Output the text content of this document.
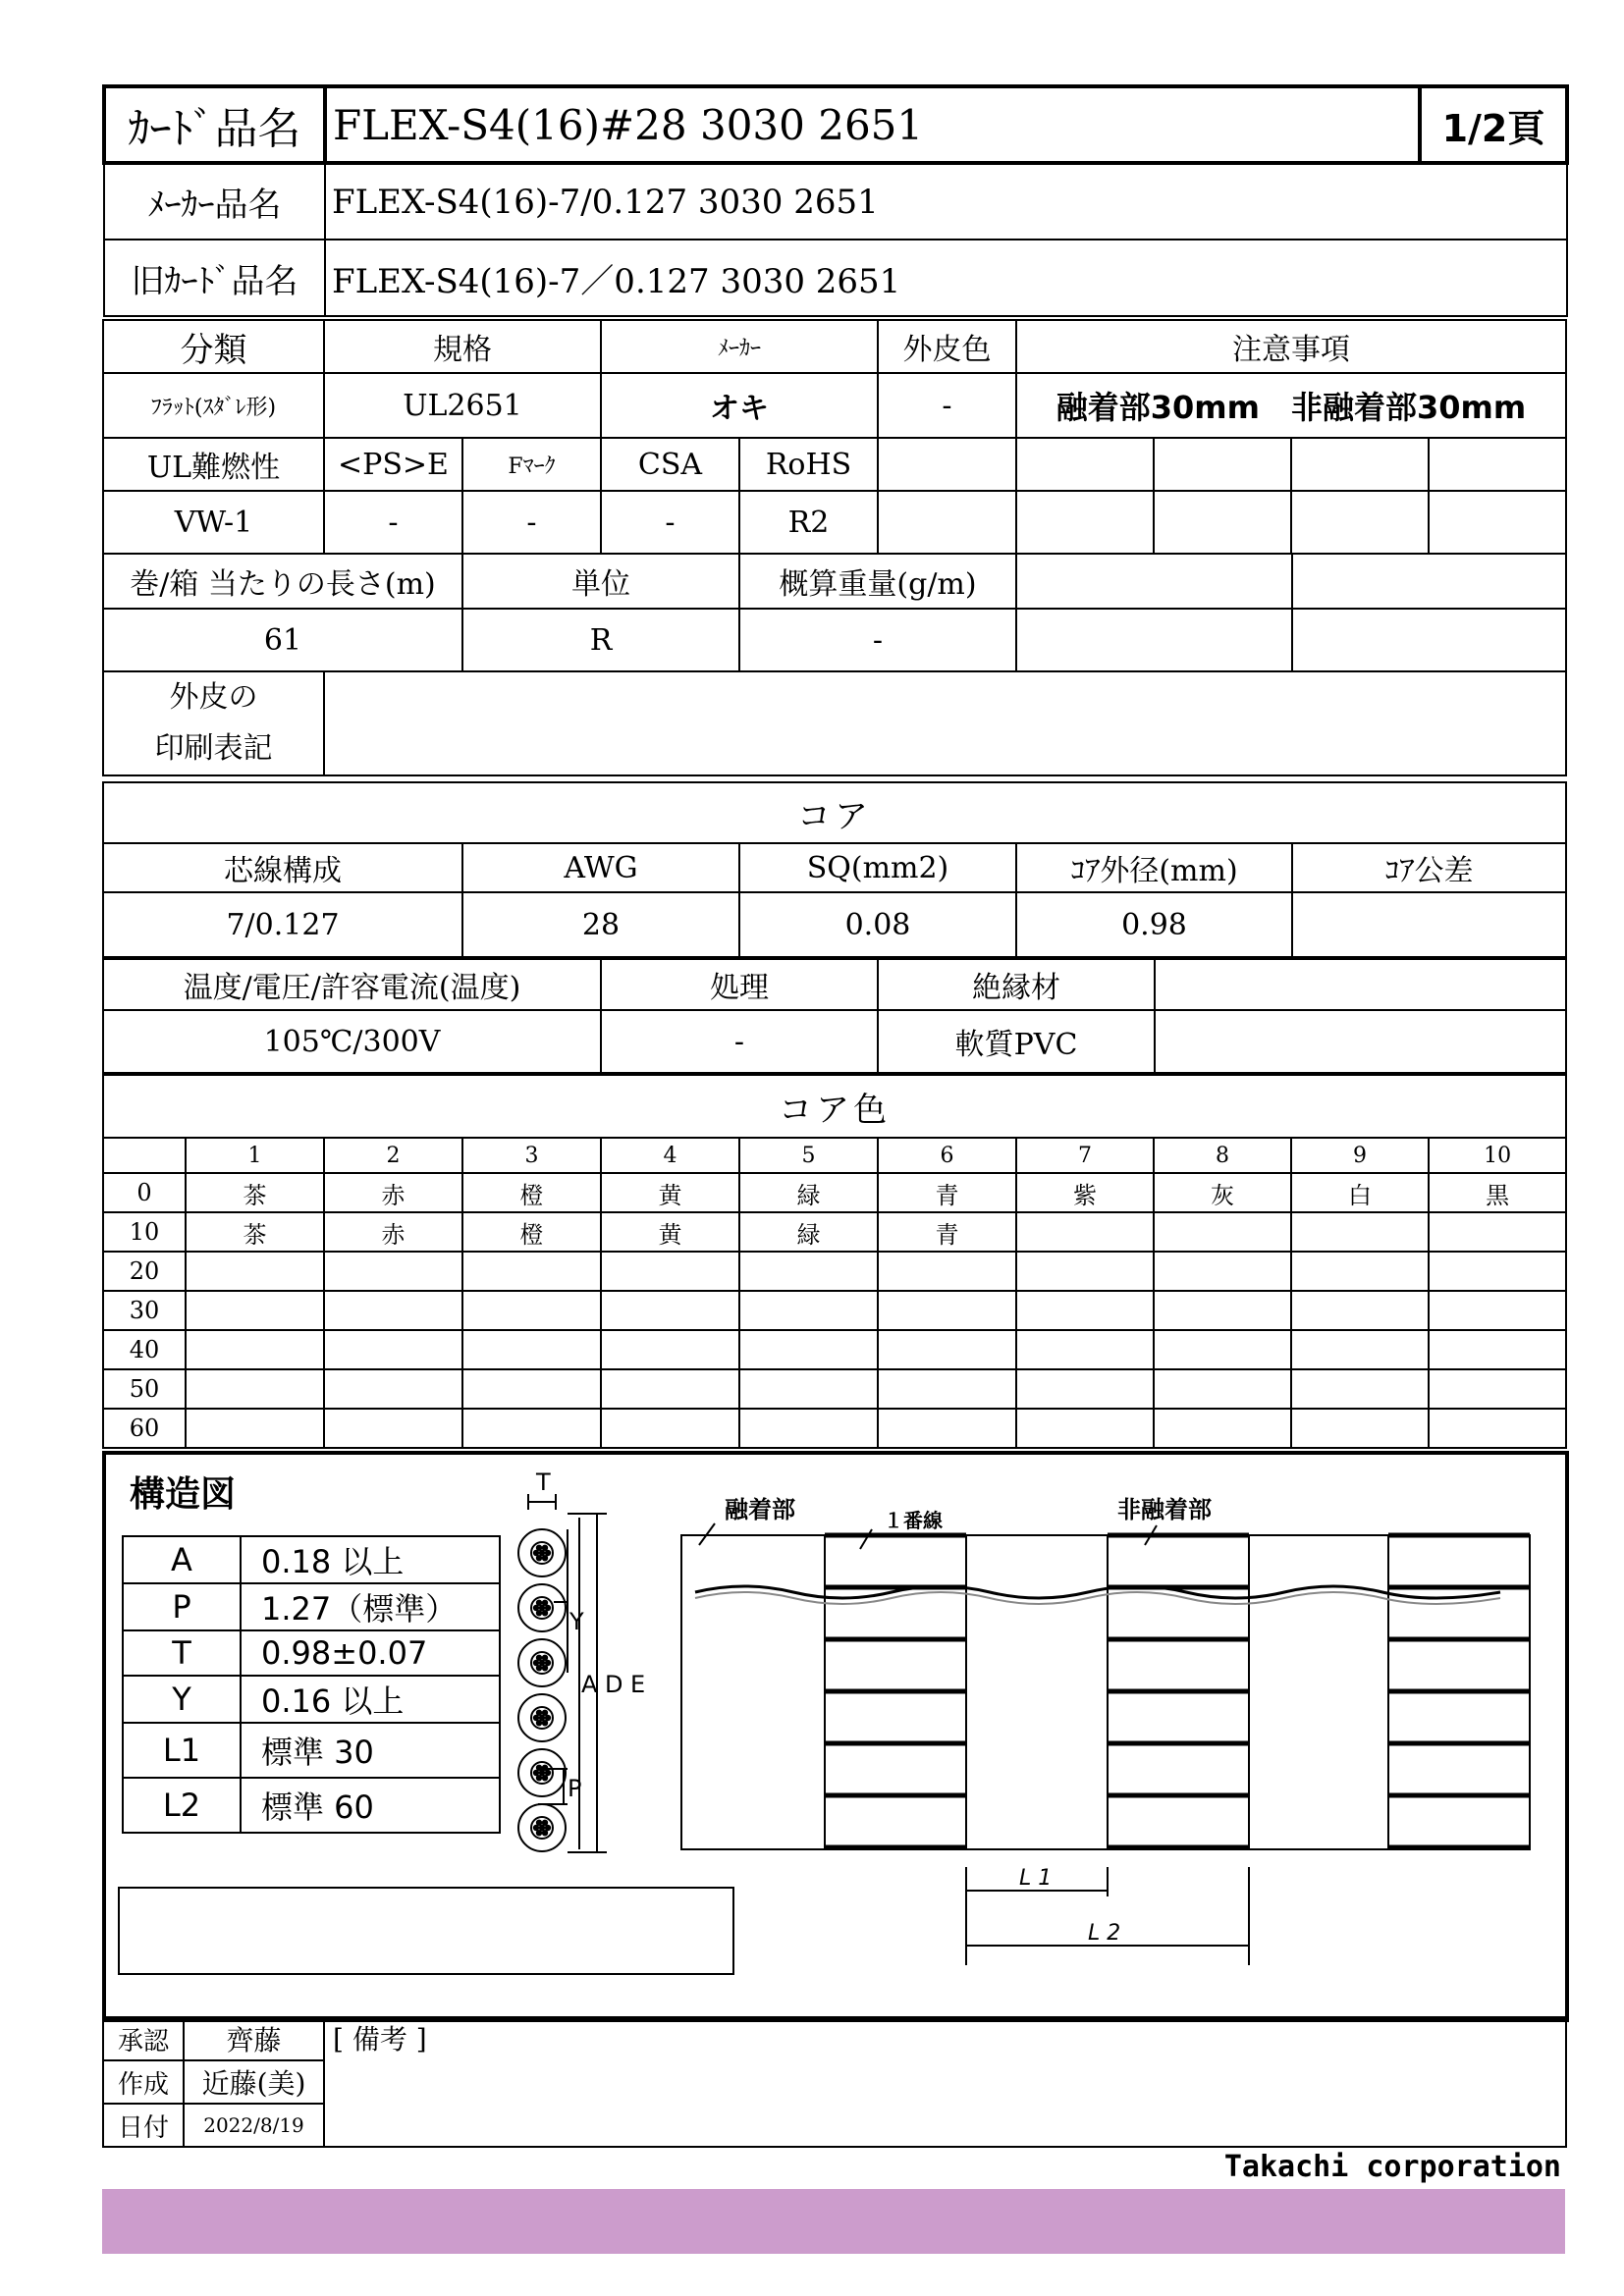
ｶｰﾄﾞ品名	FLEX-S4(16)#28 3030 2651	1/2頁
ﾒｰｶｰ品名	FLEX-S4(16)-7/0.127 3030 2651	
旧ｶｰﾄﾞ品名	FLEX-S4(16)-7／0.127 3030 2651	
分類	規格	ﾒｰｶｰ	外皮色	注意事項
ﾌﾗｯﾄ(ｽﾀﾞﾚ形)	UL2651	オキ	-	融着部30mm　非融着部30mm
UL難燃性	<PS>E	Fﾏｰｸ	CSA	RoHS					
VW-1	-	-	-	R2					
巻/箱 当たりの長さ(m)	単位	概算重量(g/m)		
61	R	-		
外皮の
印刷表記	
コア				
芯線構成	AWG	SQ(mm2)	ｺｱ外径(mm)	ｺｱ公差
7/0.127	28	0.08	0.98	
温度/電圧/許容電流(温度)	処理	絶縁材	
105℃/300V	-	軟質PVC	
コア色										
	1	2	3	4	5	6	7	8	9	10
0	茶	赤	橙	黄	緑	青	紫	灰	白	黒
10	茶	赤	橙	黄	緑	青				
20										
30										
40										
50										
60										
構造図
A	0.18 以上
P	1.27（標準）
T	0.98±0.07
Y	0.16 以上
L1	標準 30
L2	標準 60
T
Y
A D E
P
融着部	１番線	非融着部
L 1
L 2
承認	齊藤	[ 備考 ]
作成	近藤(美)	
日付	2022/8/19	
Takachi corporation
